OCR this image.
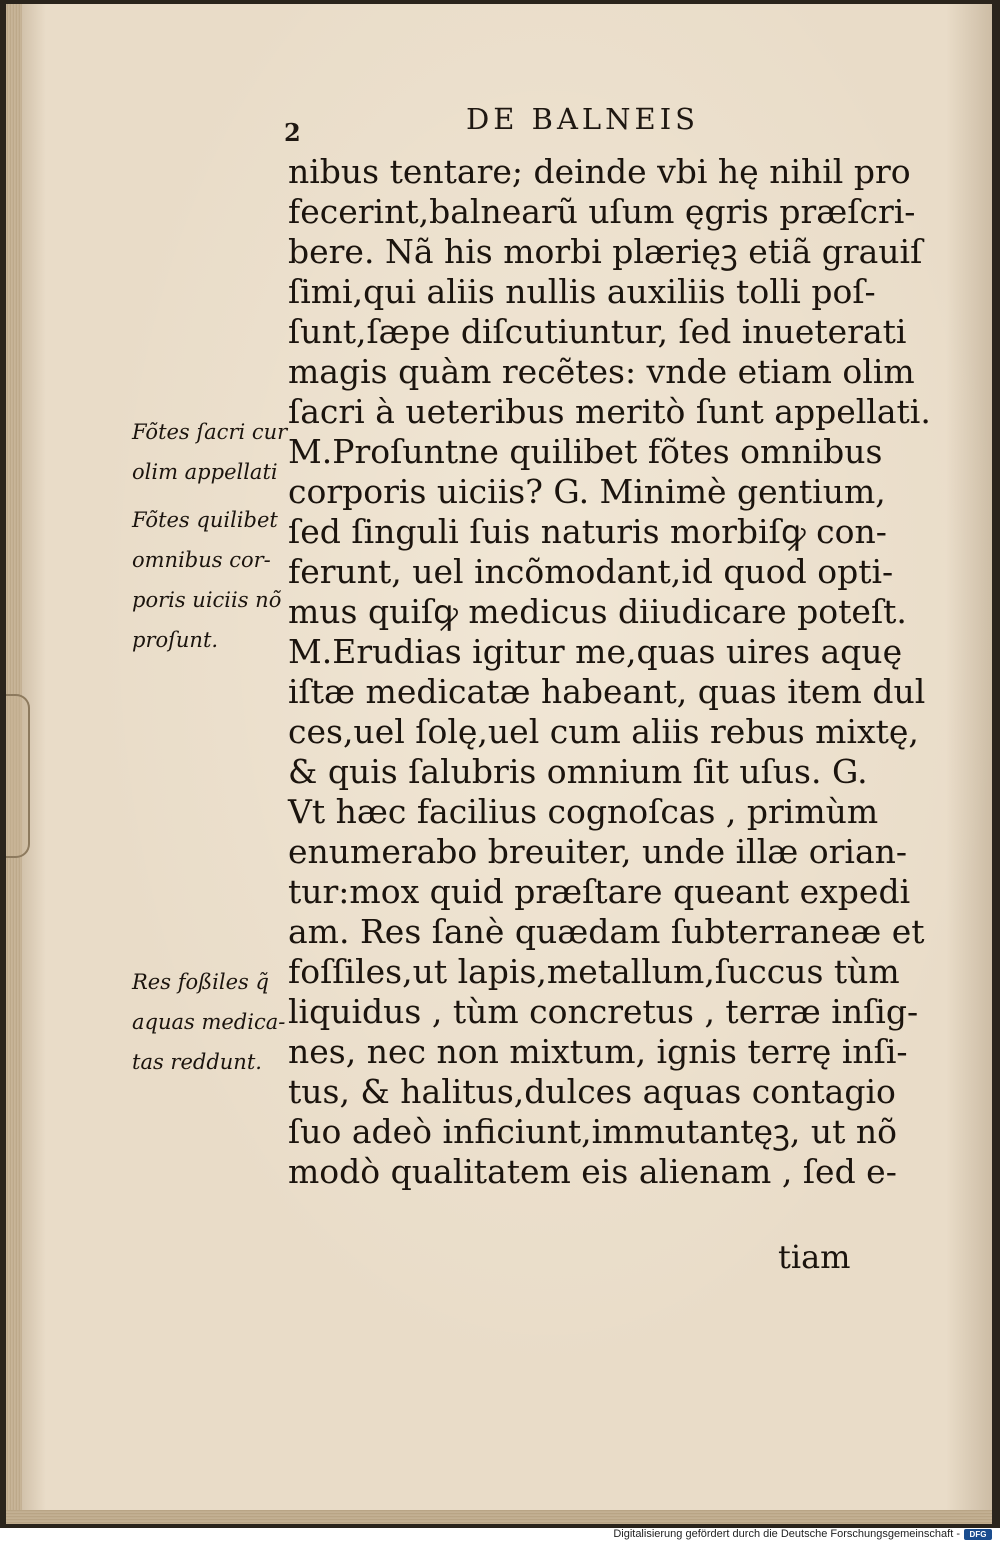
2	DE BALNEIS
nibus tentare; deinde vbi hę nihil pro
fecerint,balnearũ uſum ęgris præſcri-
bere. Nã his morbi plærięꝫ etiã grauiſ
ſimi,qui aliis nullis auxiliis tolli poſ-
ſunt,ſæpe diſcutiuntur, ſed inueterati
magis quàm recẽtes: vnde etiam olim
ſacri à ueteribus meritò ſunt appellati.
M.Proſuntne quilibet fõtes omnibus
corporis uiciis? G. Minimè gentium,
ſed ſinguli ſuis naturis morbiſꝙ con-
ferunt, uel incõmodant,id quod opti-
mus quiſꝙ medicus diiudicare poteſt.
M.Erudias igitur me,quas uires aquę
iſtæ medicatæ habeant, quas item dul
ces,uel ſolę,uel cum aliis rebus mixtę,
& quis ſalubris omnium ſit uſus. G.
Vt hæc facilius cognoſcas , primùm
enumerabo breuiter, unde illæ orian-
tur:mox quid præſtare queant expedi
am. Res ſanè quædam ſubterraneæ et
foſſiles,ut lapis,metallum,ſuccus tùm
liquidus , tùm concretus , terræ inſig-
nes, nec non mixtum, ignis terrę inſi-
tus, & halitus,dulces aquas contagio
ſuo adeò inficiunt,immutantęꝫ, ut nõ
modò qualitatem eis alienam , ſed e-
tiam
Fõtes ſacri cur
olim appellati
Fõtes quilibet
omnibus cor-
poris uiciis nõ
proſunt.
Res foßiles q̃
aquas medica-
tas reddunt.
Digitalisierung gefördert durch die Deutsche Forschungsgemeinschaft -	DFG
